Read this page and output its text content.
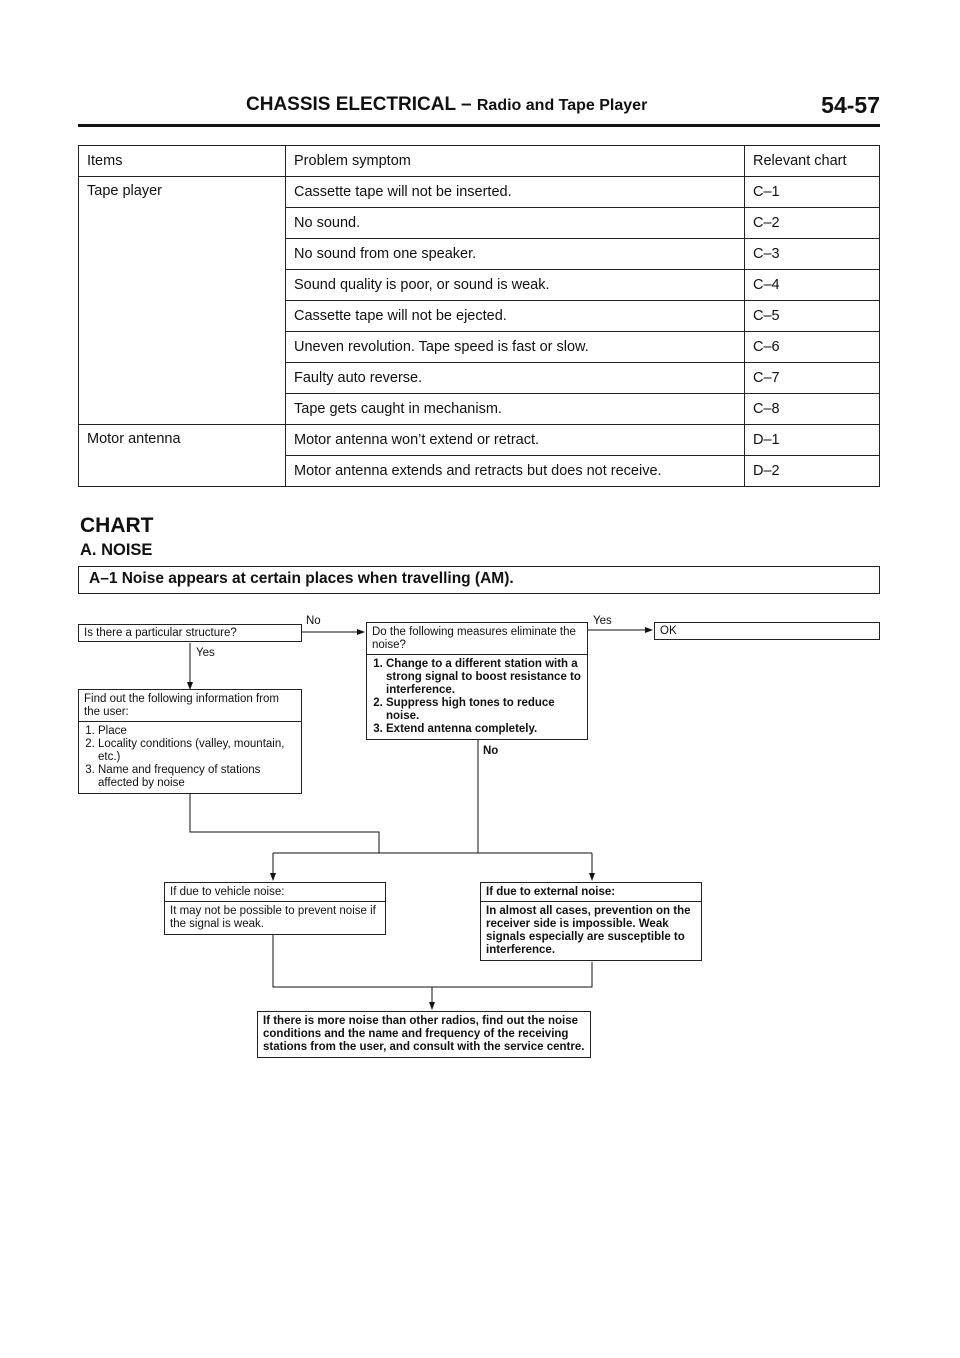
CHASSIS ELECTRICAL – Radio and Tape Player	54-57
Items	Problem symptom	Relevant chart
Tape player	Cassette tape will not be inserted.	C–1
	No sound.	C–2
	No sound from one speaker.	C–3
	Sound quality is poor, or sound is weak.	C–4
	Cassette tape will not be ejected.	C–5
	Uneven revolution. Tape speed is fast or slow.	C–6
	Faulty auto reverse.	C–7
	Tape gets caught in mechanism.	C–8
Motor antenna	Motor antenna won’t extend or retract.	D–1
	Motor antenna extends and retracts but does not receive.	D–2
CHART
A. NOISE
A–1 Noise appears at certain places when travelling (AM).
Is there a particular structure?
No
Yes
Find out the following information from the user:
1. Place
2. Locality conditions (valley, mountain, etc.)
3. Name and frequency of stations affected by noise
Do the following measures eliminate the noise?
1. Change to a different station with a strong signal to boost resistance to interference.
2. Suppress high tones to reduce noise.
3. Extend antenna completely.
Yes
No
OK
If due to vehicle noise:
It may not be possible to prevent noise if the signal is weak.
If due to external noise:
In almost all cases, prevention on the receiver side is impossible. Weak signals especially are susceptible to interference.
If there is more noise than other radios, find out the noise conditions and the name and frequency of the receiving stations from the user, and consult with the service centre.
